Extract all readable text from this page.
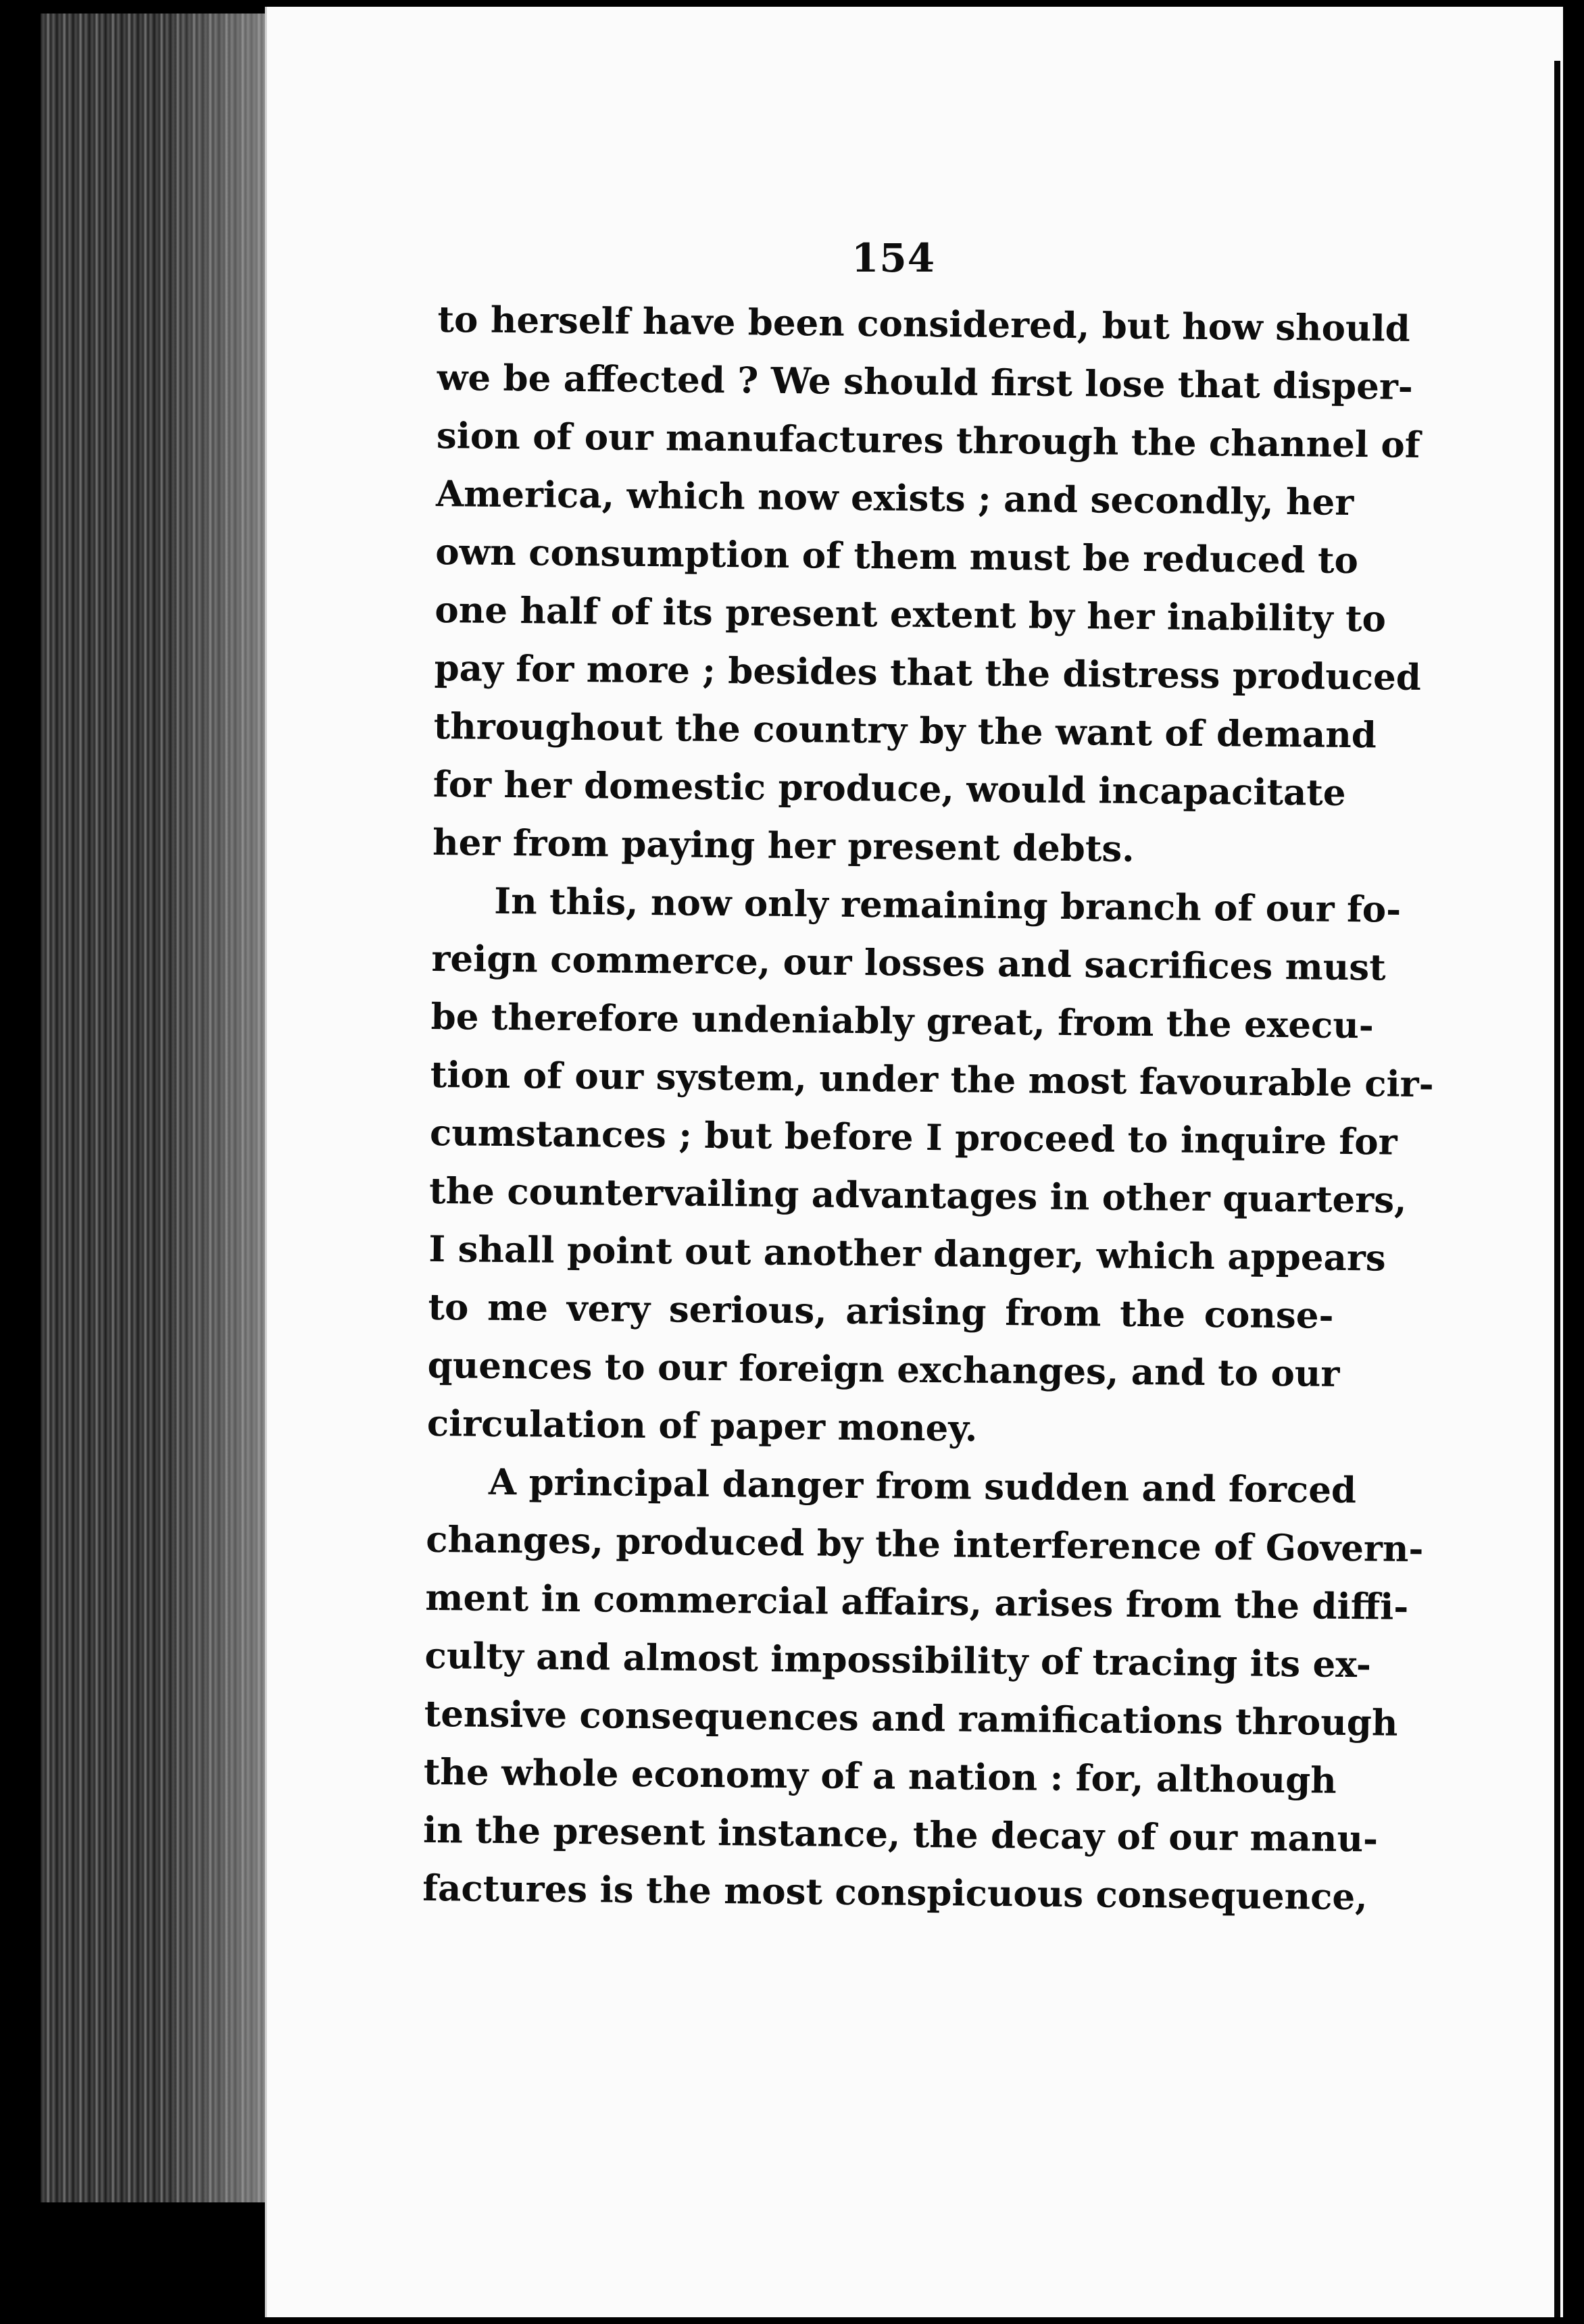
154
to herself have been considered, but how should
we be affected ? We should first lose that disper-
sion of our manufactures through the channel of
America, which now exists ; and secondly, her
own consumption of them must be reduced to
one half of its present extent by her inability to
pay for more ; besides that the distress produced
throughout the country by the want of demand
for her domestic produce, would incapacitate
her from paying her present debts.
In this, now only remaining branch of our fo-
reign commerce, our losses and sacrifices must
be therefore undeniably great, from the execu-
tion of our system, under the most favourable cir-
cumstances ; but before I proceed to inquire for
the countervailing advantages in other quarters,
I shall point out another danger, which appears
to me very serious, arising from the conse-
quences to our foreign exchanges, and to our
circulation of paper money.
A principal danger from sudden and forced
changes, produced by the interference of Govern-
ment in commercial affairs, arises from the diffi-
culty and almost impossibility of tracing its ex-
tensive consequences and ramifications through
the whole economy of a nation : for, although
in the present instance, the decay of our manu-
factures is the most conspicuous consequence,
